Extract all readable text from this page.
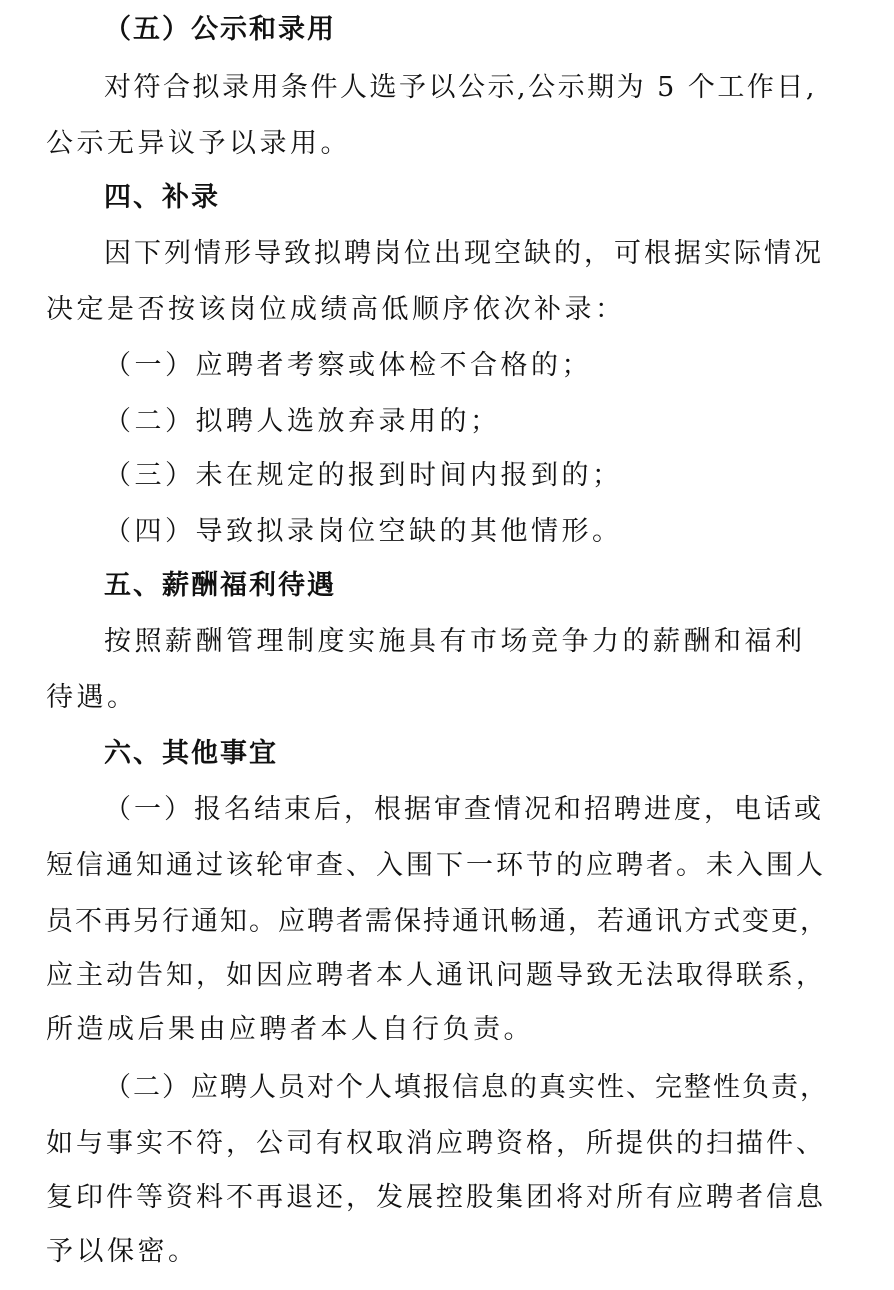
（五）公示和录用
对符合拟录用条件人选予以公示,公示期为 5 个工作日,
公示无异议予以录用。
四、补录
因下列情形导致拟聘岗位出现空缺的，可根据实际情况
决定是否按该岗位成绩高低顺序依次补录：
（一）应聘者考察或体检不合格的；
（二）拟聘人选放弃录用的；
（三）未在规定的报到时间内报到的；
（四）导致拟录岗位空缺的其他情形。
五、薪酬福利待遇
按照薪酬管理制度实施具有市场竞争力的薪酬和福利
待遇。
六、其他事宜
（一）报名结束后，根据审查情况和招聘进度，电话或
短信通知通过该轮审查、入围下一环节的应聘者。未入围人
员不再另行通知。应聘者需保持通讯畅通，若通讯方式变更，
应主动告知，如因应聘者本人通讯问题导致无法取得联系，
所造成后果由应聘者本人自行负责。
（二）应聘人员对个人填报信息的真实性、完整性负责，
如与事实不符，公司有权取消应聘资格，所提供的扫描件、
复印件等资料不再退还，发展控股集团将对所有应聘者信息
予以保密。
